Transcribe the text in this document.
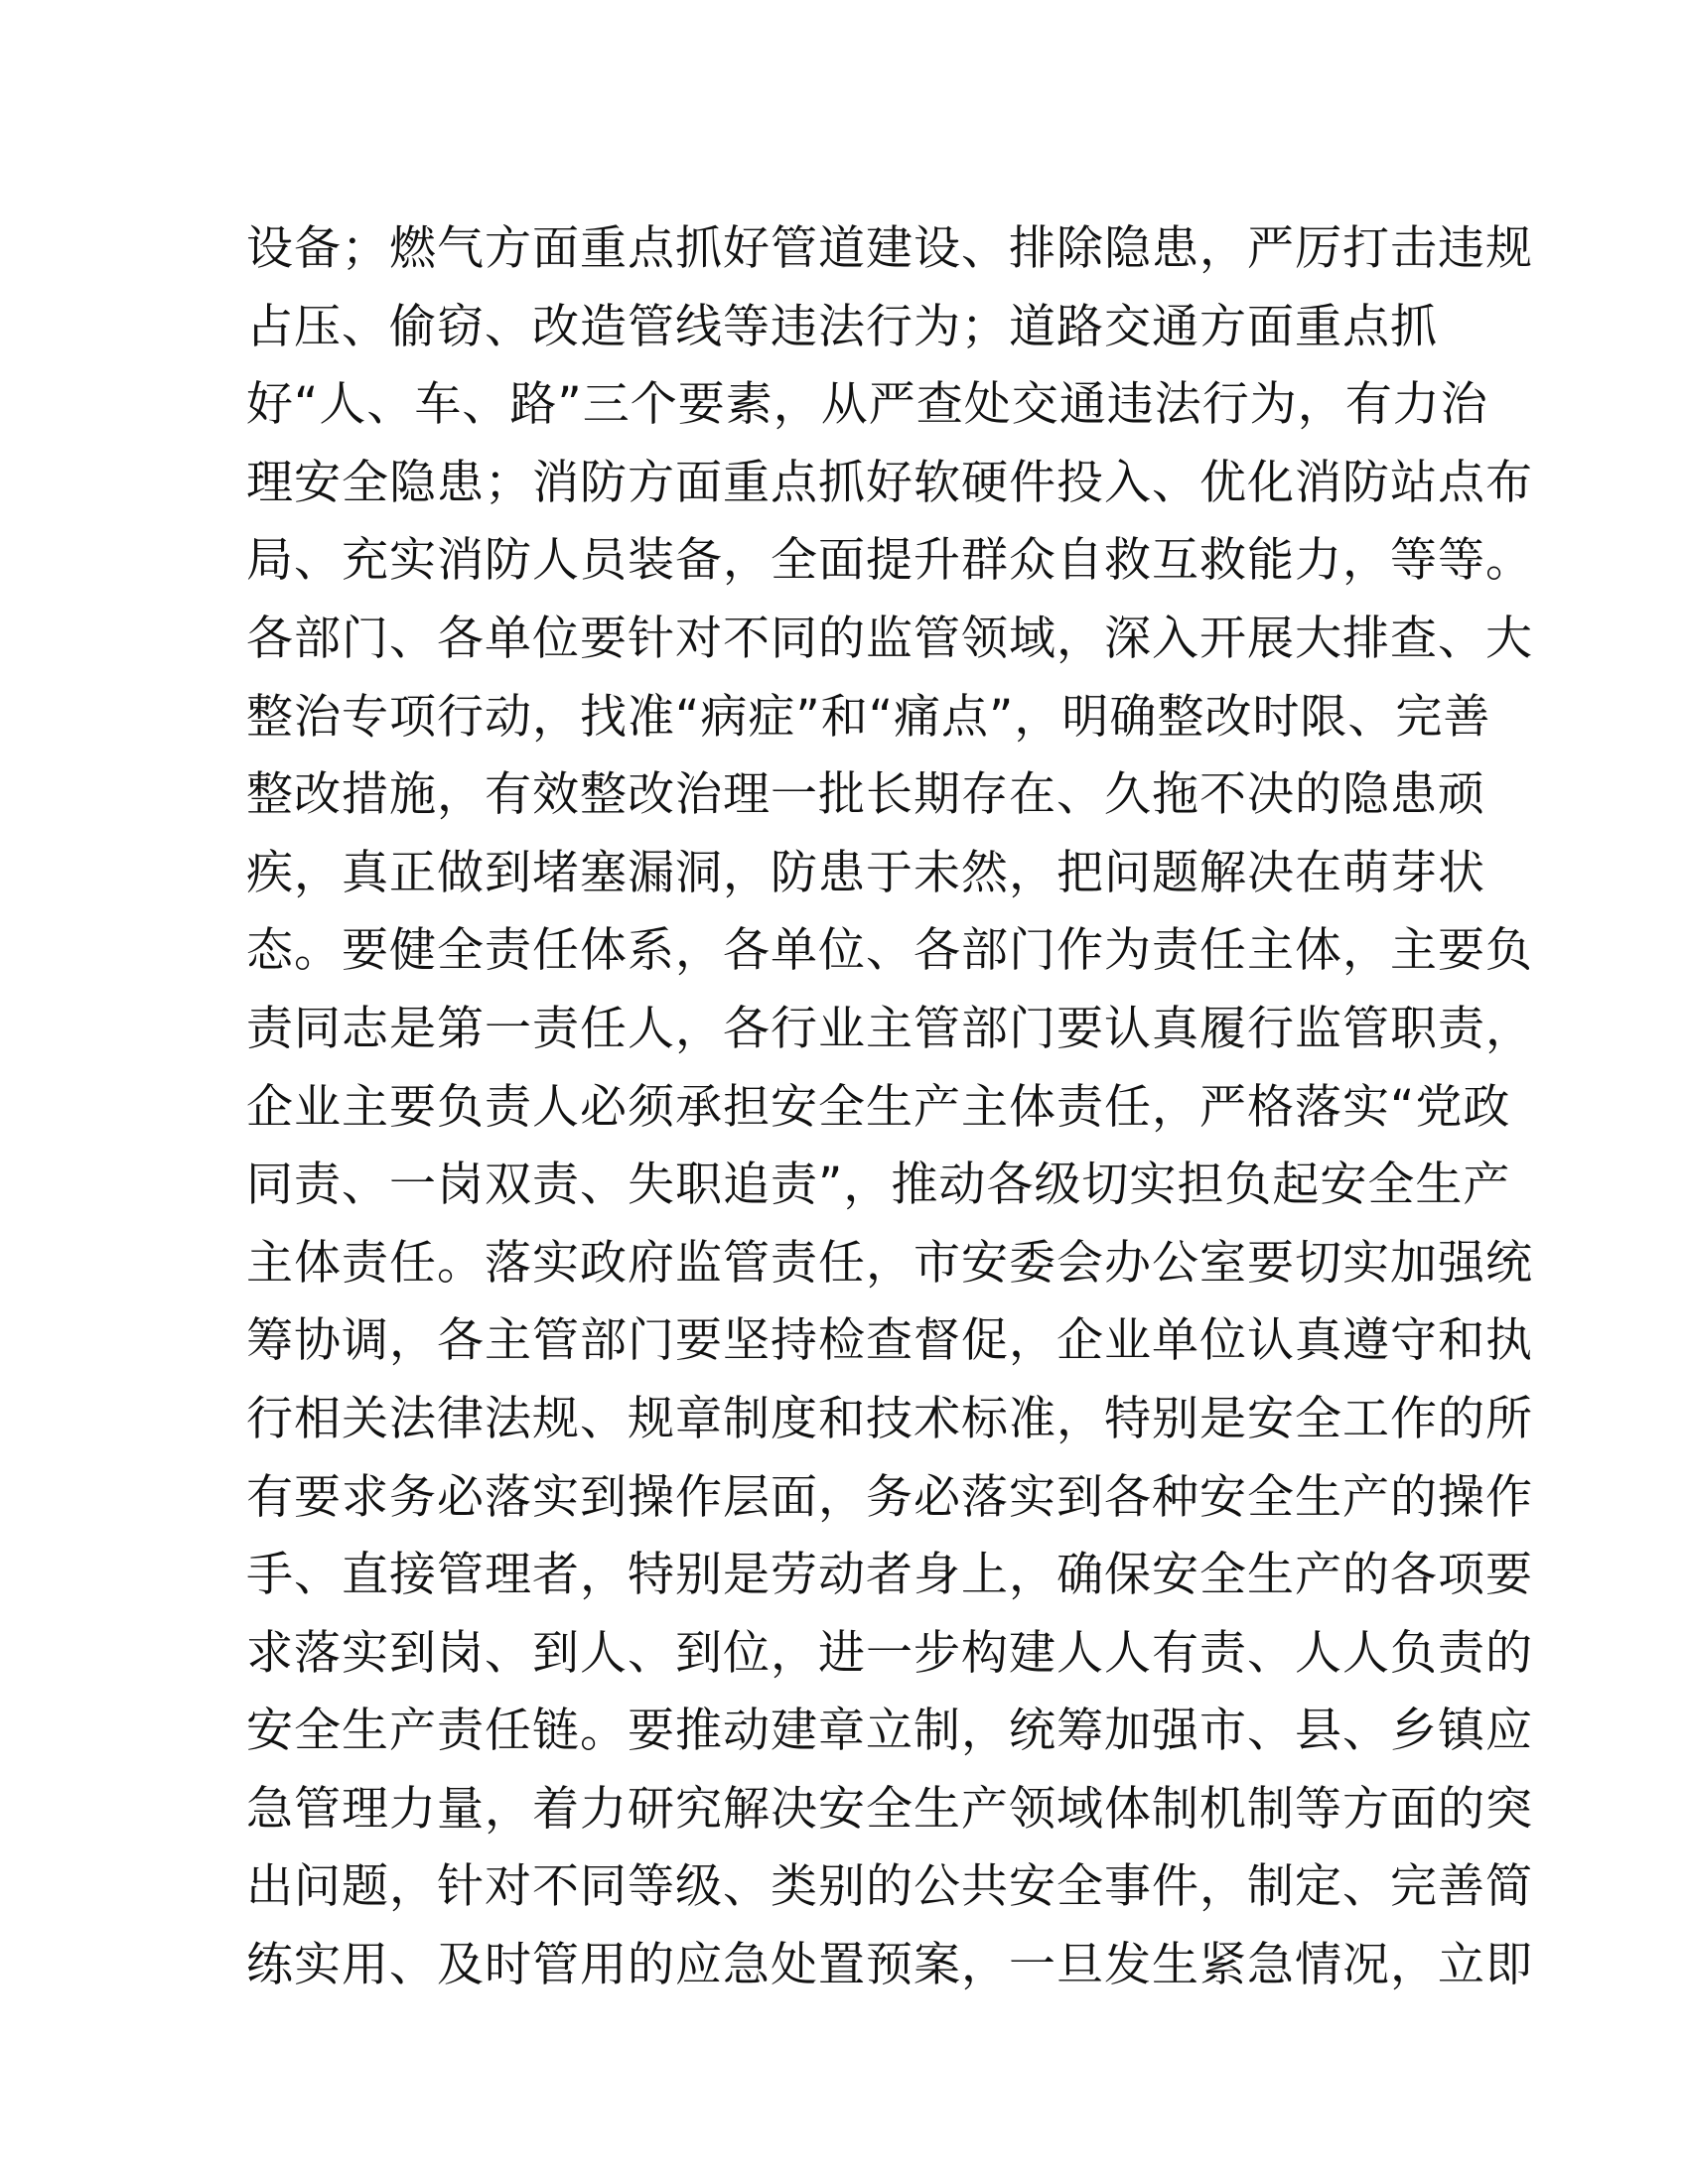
设备；燃气方面重点抓好管道建设、排除隐患，严厉打击违规
占压、偷窃、改造管线等违法行为；道路交通方面重点抓
好“人、车、路”三个要素，从严查处交通违法行为，有力治
理安全隐患；消防方面重点抓好软硬件投入、优化消防站点布
局、充实消防人员装备，全面提升群众自救互救能力，等等。
各部门、各单位要针对不同的监管领域，深入开展大排查、大
整治专项行动，找准“病症”和“痛点”，明确整改时限、完善
整改措施，有效整改治理一批长期存在、久拖不决的隐患顽
疾，真正做到堵塞漏洞，防患于未然，把问题解决在萌芽状
态。要健全责任体系，各单位、各部门作为责任主体，主要负
责同志是第一责任人，各行业主管部门要认真履行监管职责，
企业主要负责人必须承担安全生产主体责任，严格落实“党政
同责、一岗双责、失职追责”，推动各级切实担负起安全生产
主体责任。落实政府监管责任，市安委会办公室要切实加强统
筹协调，各主管部门要坚持检查督促，企业单位认真遵守和执
行相关法律法规、规章制度和技术标准，特别是安全工作的所
有要求务必落实到操作层面，务必落实到各种安全生产的操作
手、直接管理者，特别是劳动者身上，确保安全生产的各项要
求落实到岗、到人、到位，进一步构建人人有责、人人负责的
安全生产责任链。要推动建章立制，统筹加强市、县、乡镇应
急管理力量，着力研究解决安全生产领域体制机制等方面的突
出问题，针对不同等级、类别的公共安全事件，制定、完善简
练实用、及时管用的应急处置预案，一旦发生紧急情况，立即
